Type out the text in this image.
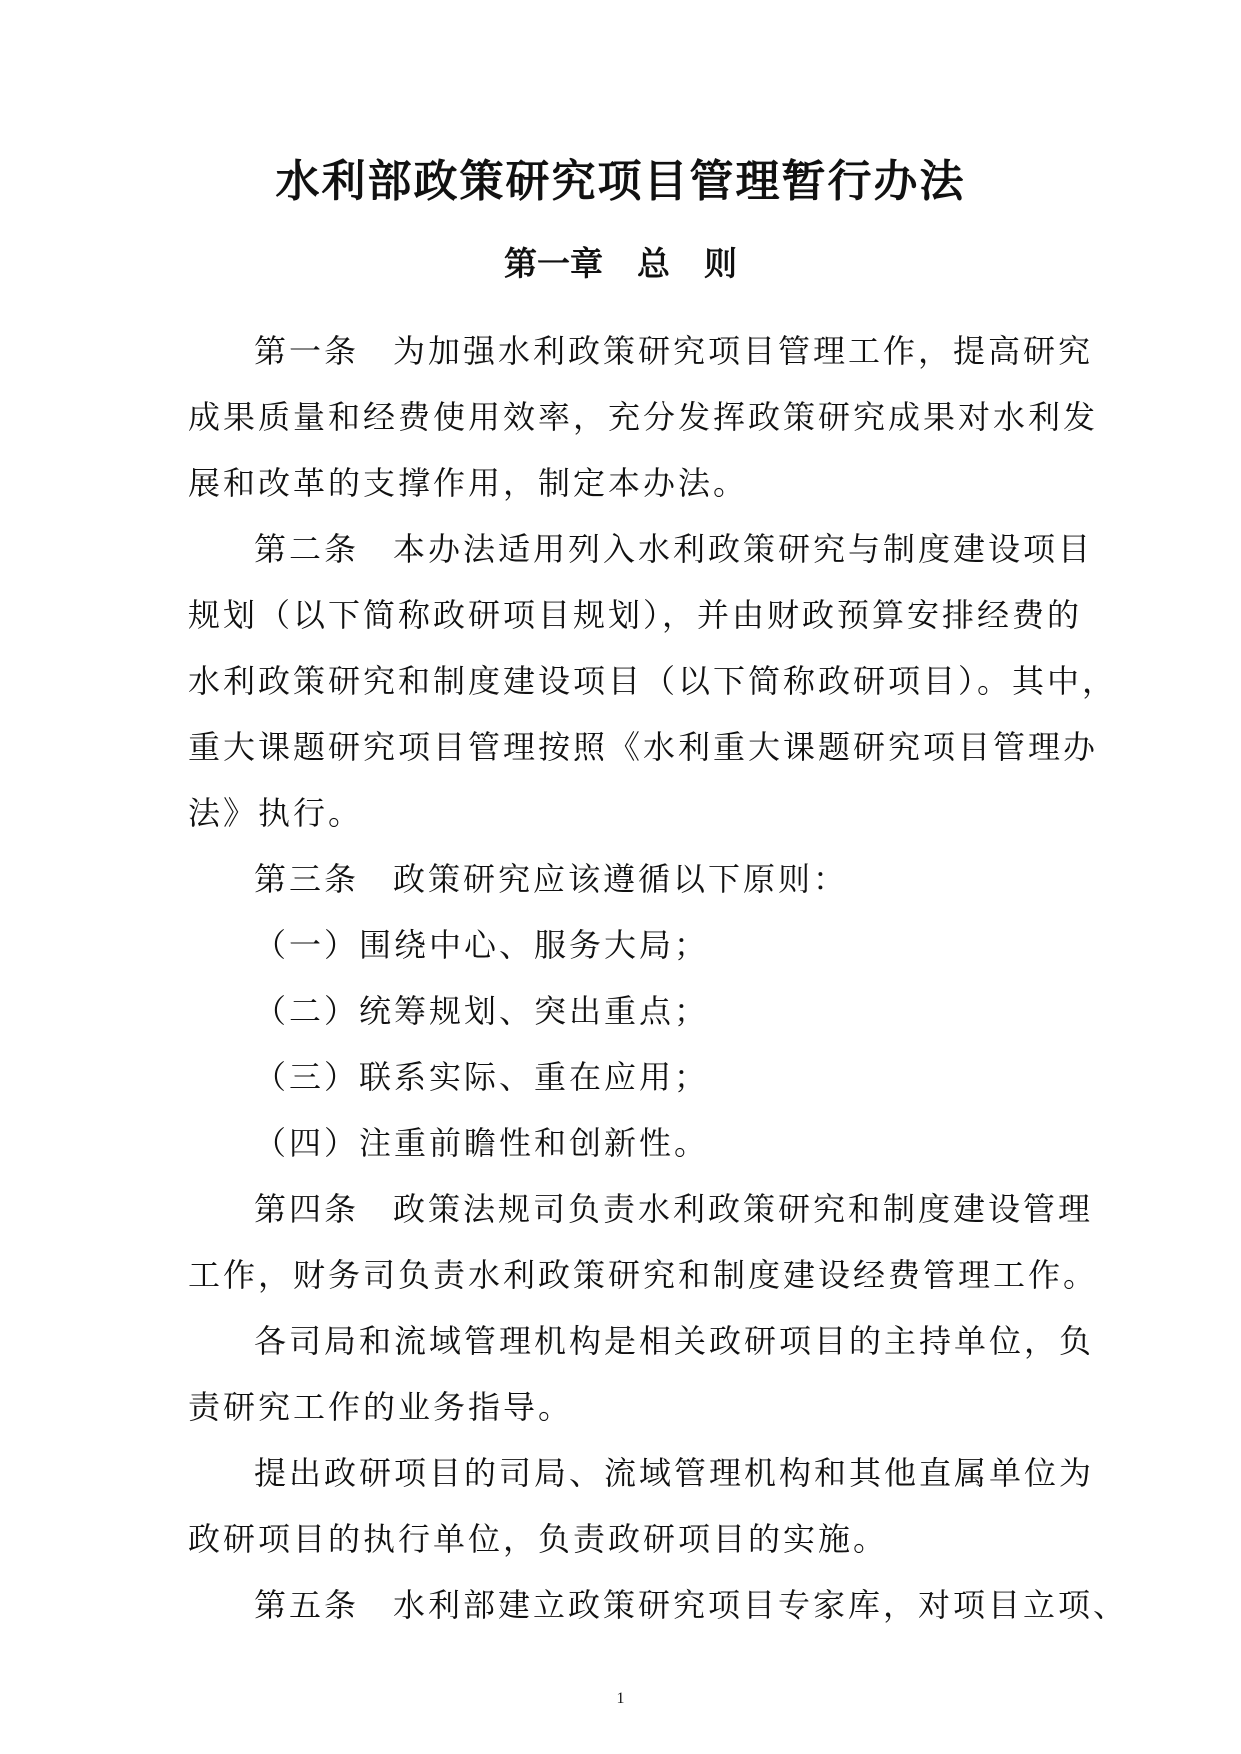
水利部政策研究项目管理暂行办法
第一章 总 则

第一条 为加强水利政策研究项目管理工作，提高研究

成果质量和经费使用效率，充分发挥政策研究成果对水利发

展和改革的支撑作用，制定本办法。

第二条 本办法适用列入水利政策研究与制度建设项目

规划（以下简称政研项目规划），并由财政预算安排经费的

水利政策研究和制度建设项目（以下简称政研项目）。其中，

重大课题研究项目管理按照《水利重大课题研究项目管理办

法》执行。

第三条 政策研究应该遵循以下原则：

（一）围绕中心、服务大局；

（二）统筹规划、突出重点；

（三）联系实际、重在应用；

（四）注重前瞻性和创新性。

第四条 政策法规司负责水利政策研究和制度建设管理

工作，财务司负责水利政策研究和制度建设经费管理工作。

各司局和流域管理机构是相关政研项目的主持单位，负

责研究工作的业务指导。

提出政研项目的司局、流域管理机构和其他直属单位为

政研项目的执行单位，负责政研项目的实施。

第五条 水利部建立政策研究项目专家库，对项目立项、

1
